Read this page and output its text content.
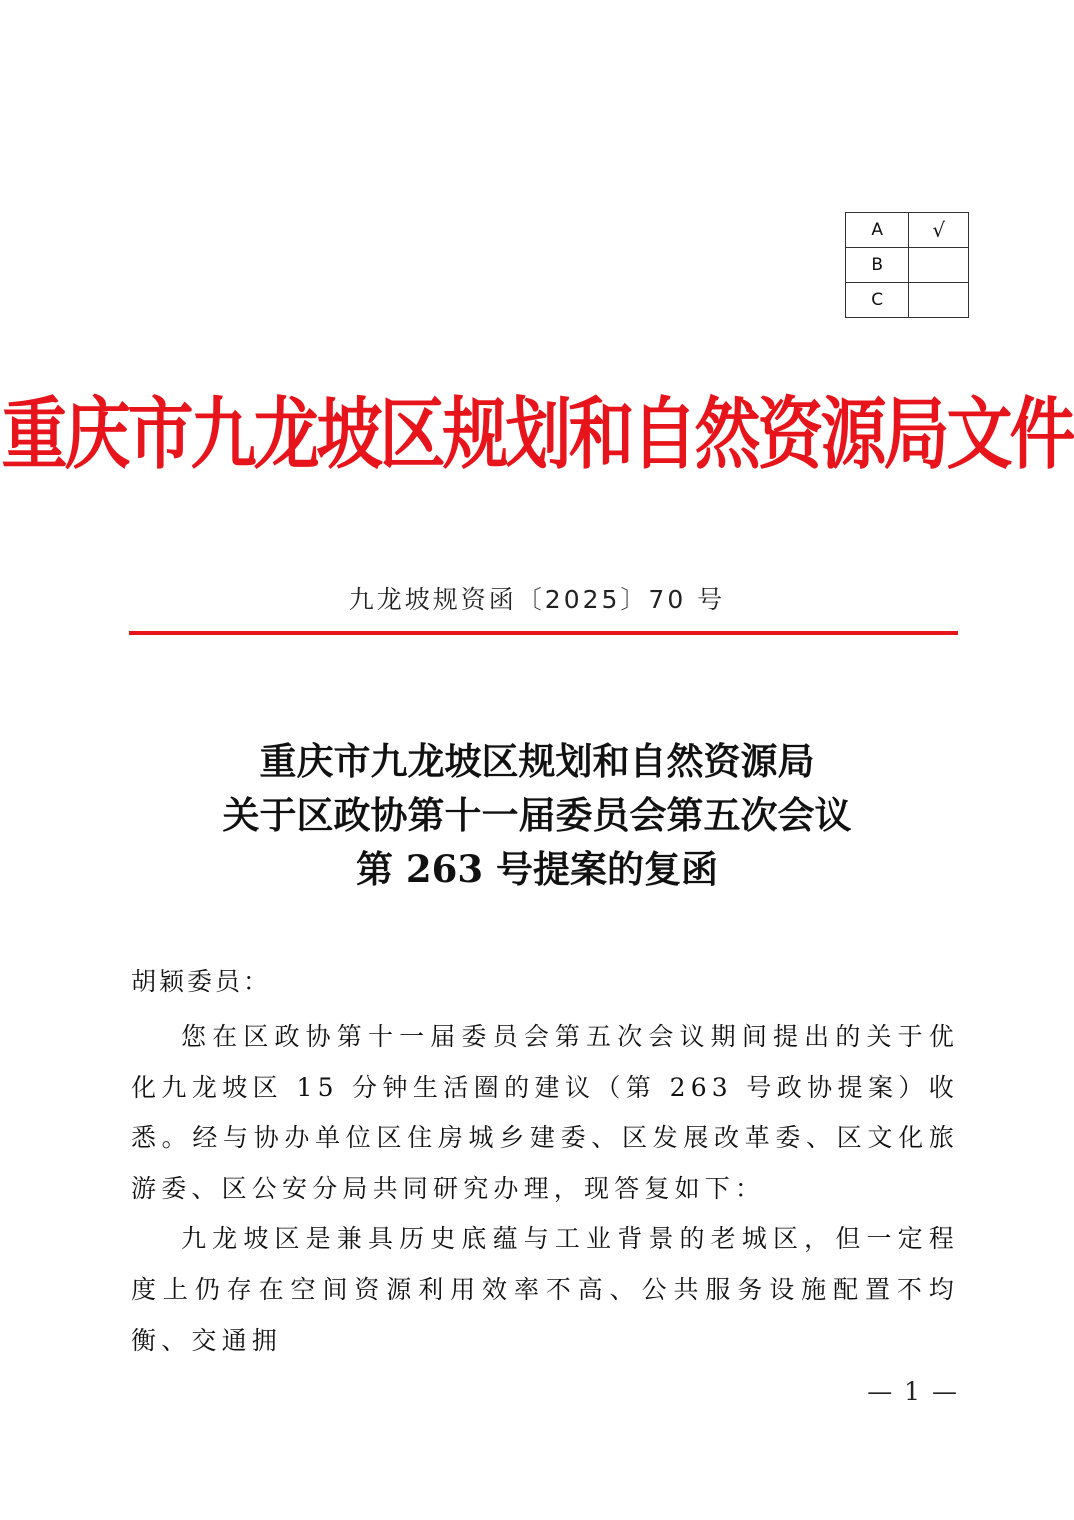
A	√
B	
C	
重庆市九龙坡区规划和自然资源局文件
九龙坡规资函〔2025〕70 号
重庆市九龙坡区规划和自然资源局
关于区政协第十一届委员会第五次会议
第 263 号提案的复函
胡颖委员：

您在区政协第十一届委员会第五次会议期间提出的关于优化九龙坡区 15 分钟生活圈的建议（第 263 号政协提案）收悉。经与协办单位区住房城乡建委、区发展改革委、区文化旅游委、区公安分局共同研究办理，现答复如下：

九龙坡区是兼具历史底蕴与工业背景的老城区，但一定程度上仍存在空间资源利用效率不高、公共服务设施配置不均衡、交通拥

— 1 —
